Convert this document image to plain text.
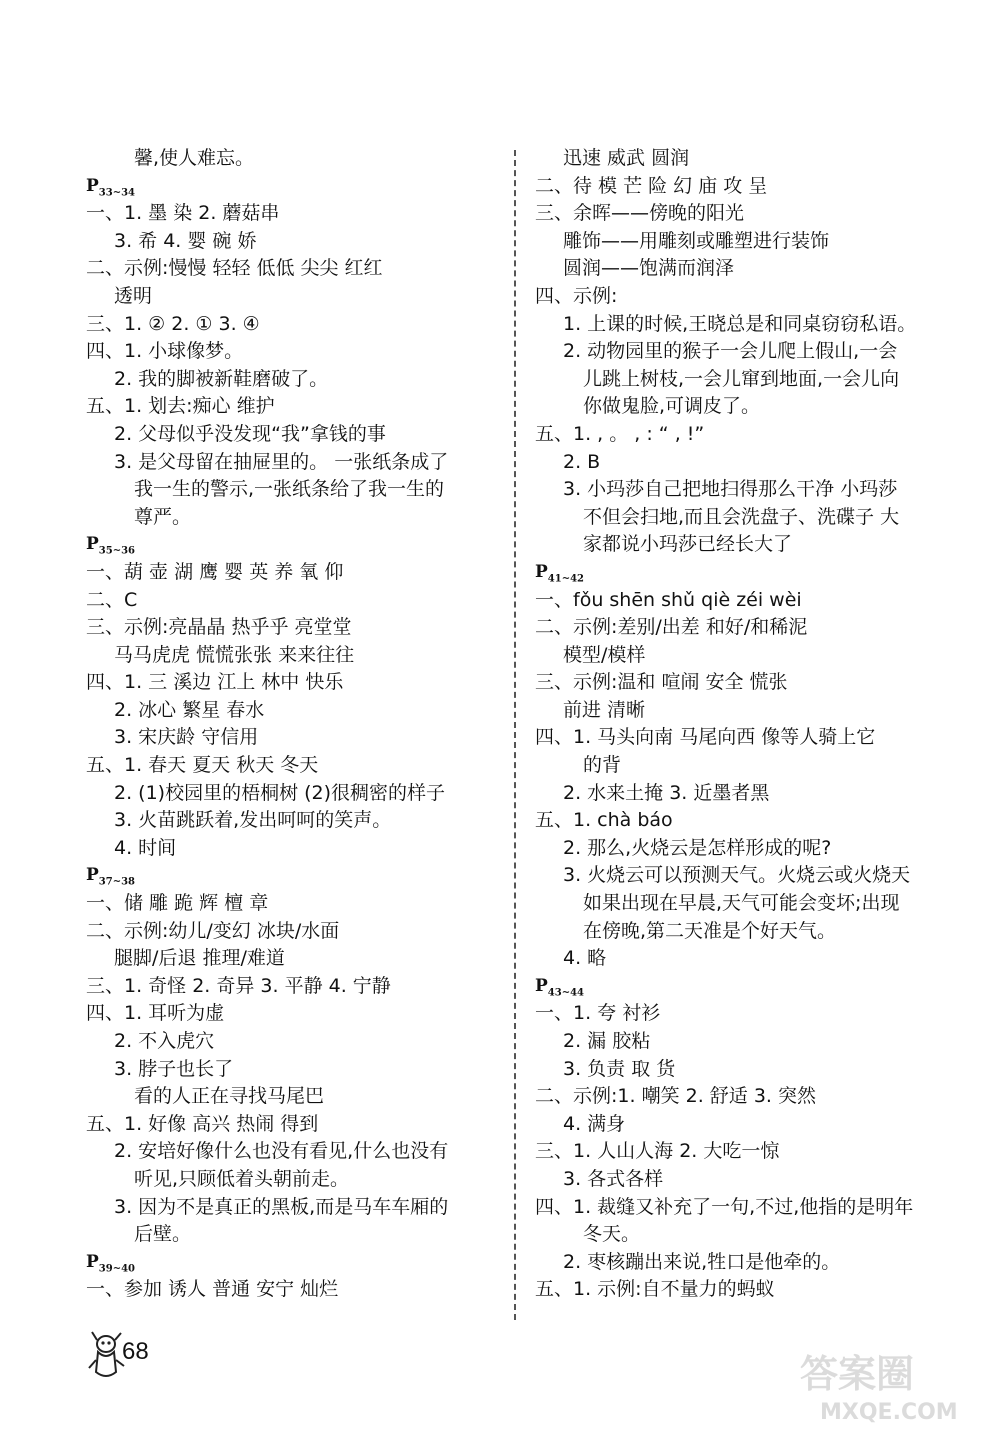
馨,使人难忘。
$P_{33\sim 34}$
一、1. 墨 染 2. 蘑菇串
3. 希 4. 婴 碗 娇
二、示例:慢慢 轻轻 低低 尖尖 红红
透明
三、1. ② 2. ① 3. ④
四、1. 小球像梦。
2. 我的脚被新鞋磨破了。
五、1. 划去:痴心 维护
2. 父母似乎没发现“我”拿钱的事
3. 是父母留在抽屉里的。 一张纸条成了
我一生的警示,一张纸条给了我一生的
尊严。
$P_{35\sim 36}$
一、葫 壶 湖 鹰 婴 英 养 氧 仰
二、C
三、示例:亮晶晶 热乎乎 亮堂堂
马马虎虎 慌慌张张 来来往往
四、1. 三 溪边 江上 林中 快乐
2. 冰心 繁星 春水
3. 宋庆龄 守信用
五、1. 春天 夏天 秋天 冬天
2. (1)校园里的梧桐树 (2)很稠密的样子
3. 火苗跳跃着,发出呵呵的笑声。
4. 时间
$P_{37\sim 38}$
一、储 雕 跪 辉 檀 章
二、示例:幼儿/变幻 冰块/水面
腿脚/后退 推理/难道
三、1. 奇怪 2. 奇异 3. 平静 4. 宁静
四、1. 耳听为虚
2. 不入虎穴
3. 脖子也长了
看的人正在寻找马尾巴
五、1. 好像 高兴 热闹 得到
2. 安培好像什么也没有看见,什么也没有
听见,只顾低着头朝前走。
3. 因为不是真正的黑板,而是马车车厢的
后壁。
$P_{39\sim 40}$
一、参加 诱人 普通 安宁 灿烂
迅速 威武 圆润
二、待 模 芒 险 幻 庙 攻 呈
三、余晖——傍晚的阳光
雕饰——用雕刻或雕塑进行装饰
圆润——饱满而润泽
四、示例:
1. 上课的时候,王晓总是和同桌窃窃私语。
2. 动物园里的猴子一会儿爬上假山,一会
儿跳上树枝,一会儿窜到地面,一会儿向
你做鬼脸,可调皮了。
五、1. , 。 , : “ , !”
2. B
3. 小玛莎自己把地扫得那么干净 小玛莎
不但会扫地,而且会洗盘子、洗碟子 大
家都说小玛莎已经长大了
$P_{41\sim 42}$
一、fǒu shēn shǔ qiè zéi wèi
二、示例:差别/出差 和好/和稀泥
模型/模样
三、示例:温和 喧闹 安全 慌张
前进 清晰
四、1. 马头向南 马尾向西 像等人骑上它
的背
2. 水来土掩 3. 近墨者黑
五、1. chà báo
2. 那么,火烧云是怎样形成的呢?
3. 火烧云可以预测天气。火烧云或火烧天
如果出现在早晨,天气可能会变坏;出现
在傍晚,第二天准是个好天气。
4. 略
$P_{43\sim 44}$
一、1. 夸 衬衫
2. 漏 胶粘
3. 负责 取 货
二、示例:1. 嘲笑 2. 舒适 3. 突然
4. 满身
三、1. 人山人海 2. 大吃一惊
3. 各式各样
四、1. 裁缝又补充了一句,不过,他指的是明年
冬天。
2. 枣核蹦出来说,牲口是他牵的。
五、1. 示例:自不量力的蚂蚁
68
答案圈
MXQE.COM
